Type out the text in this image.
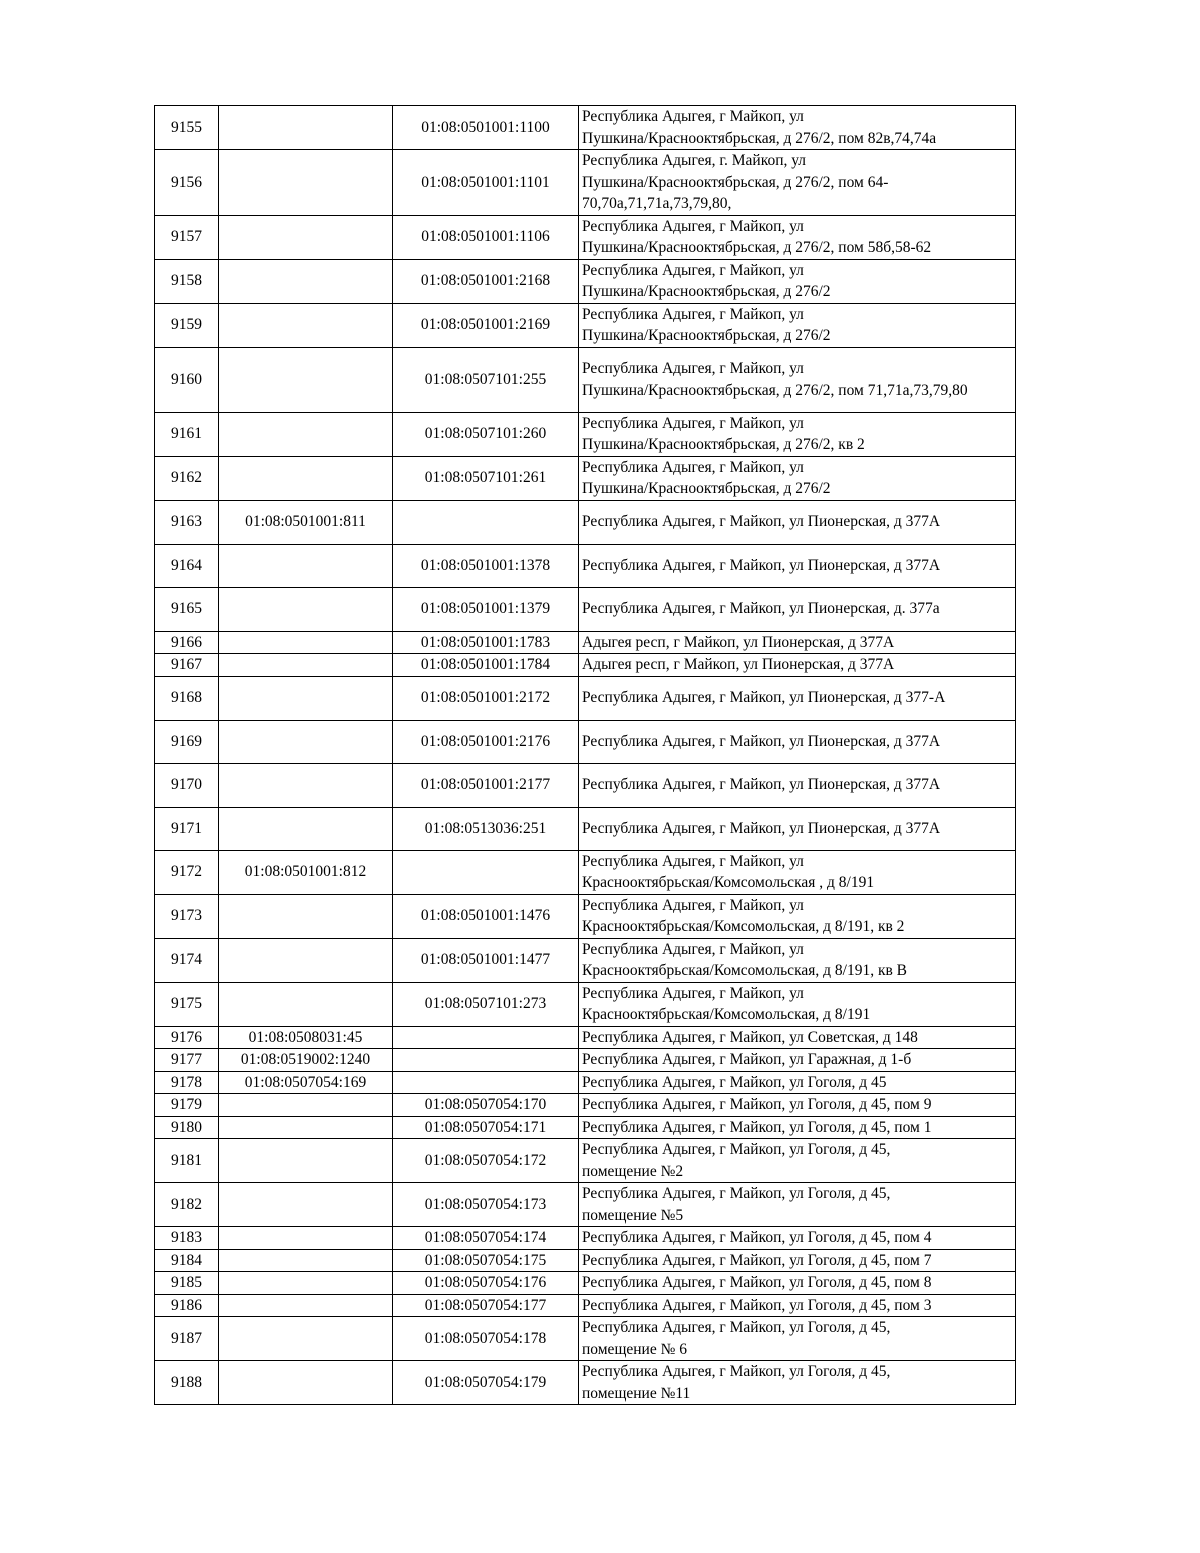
9155		01:08:0501001:1100	Республика Адыгея, г Майкоп, ул
Пушкина/Краснооктябрьская, д 276/2, пом 82в,74,74а
9156		01:08:0501001:1101	Республика Адыгея, г. Майкоп, ул
Пушкина/Краснооктябрьская, д 276/2, пом 64-
70,70а,71,71а,73,79,80,
9157		01:08:0501001:1106	Республика Адыгея, г Майкоп, ул
Пушкина/Краснооктябрьская, д 276/2, пом 58б,58-62
9158		01:08:0501001:2168	Республика Адыгея, г Майкоп, ул
Пушкина/Краснооктябрьская, д 276/2
9159		01:08:0501001:2169	Республика Адыгея, г Майкоп, ул
Пушкина/Краснооктябрьская, д 276/2
9160		01:08:0507101:255	Республика Адыгея, г Майкоп, ул
Пушкина/Краснооктябрьская, д 276/2, пом 71,71а,73,79,80
9161		01:08:0507101:260	Республика Адыгея, г Майкоп, ул
Пушкина/Краснооктябрьская, д 276/2, кв 2
9162		01:08:0507101:261	Республика Адыгея, г Майкоп, ул
Пушкина/Краснооктябрьская, д 276/2
9163	01:08:0501001:811		Республика Адыгея, г Майкоп, ул Пионерская, д 377А
9164		01:08:0501001:1378	Республика Адыгея, г Майкоп, ул Пионерская, д 377А
9165		01:08:0501001:1379	Республика Адыгея, г Майкоп, ул Пионерская, д. 377а
9166		01:08:0501001:1783	Адыгея респ, г Майкоп, ул Пионерская, д 377А
9167		01:08:0501001:1784	Адыгея респ, г Майкоп, ул Пионерская, д 377А
9168		01:08:0501001:2172	Республика Адыгея, г Майкоп, ул Пионерская, д 377-А
9169		01:08:0501001:2176	Республика Адыгея, г Майкоп, ул Пионерская, д 377А
9170		01:08:0501001:2177	Республика Адыгея, г Майкоп, ул Пионерская, д 377А
9171		01:08:0513036:251	Республика Адыгея, г Майкоп, ул Пионерская, д 377А
9172	01:08:0501001:812		Республика Адыгея, г Майкоп, ул
Краснооктябрьская/Комсомольская , д 8/191
9173		01:08:0501001:1476	Республика Адыгея, г Майкоп, ул
Краснооктябрьская/Комсомольская, д 8/191, кв 2
9174		01:08:0501001:1477	Республика Адыгея, г Майкоп, ул
Краснооктябрьская/Комсомольская, д 8/191, кв В
9175		01:08:0507101:273	Республика Адыгея, г Майкоп, ул
Краснооктябрьская/Комсомольская, д 8/191
9176	01:08:0508031:45		Республика Адыгея, г Майкоп, ул Советская, д 148
9177	01:08:0519002:1240		Республика Адыгея, г Майкоп, ул Гаражная, д 1-б
9178	01:08:0507054:169		Республика Адыгея, г Майкоп, ул Гоголя, д 45
9179		01:08:0507054:170	Республика Адыгея, г Майкоп, ул Гоголя, д 45, пом 9
9180		01:08:0507054:171	Республика Адыгея, г Майкоп, ул Гоголя, д 45, пом 1
9181		01:08:0507054:172	Республика Адыгея, г Майкоп, ул Гоголя, д 45,
помещение №2
9182		01:08:0507054:173	Республика Адыгея, г Майкоп, ул Гоголя, д 45,
помещение №5
9183		01:08:0507054:174	Республика Адыгея, г Майкоп, ул Гоголя, д 45, пом 4
9184		01:08:0507054:175	Республика Адыгея, г Майкоп, ул Гоголя, д 45, пом 7
9185		01:08:0507054:176	Республика Адыгея, г Майкоп, ул Гоголя, д 45, пом 8
9186		01:08:0507054:177	Республика Адыгея, г Майкоп, ул Гоголя, д 45, пом 3
9187		01:08:0507054:178	Республика Адыгея, г Майкоп, ул Гоголя, д 45,
помещение № 6
9188		01:08:0507054:179	Республика Адыгея, г Майкоп, ул Гоголя, д 45,
помещение №11
